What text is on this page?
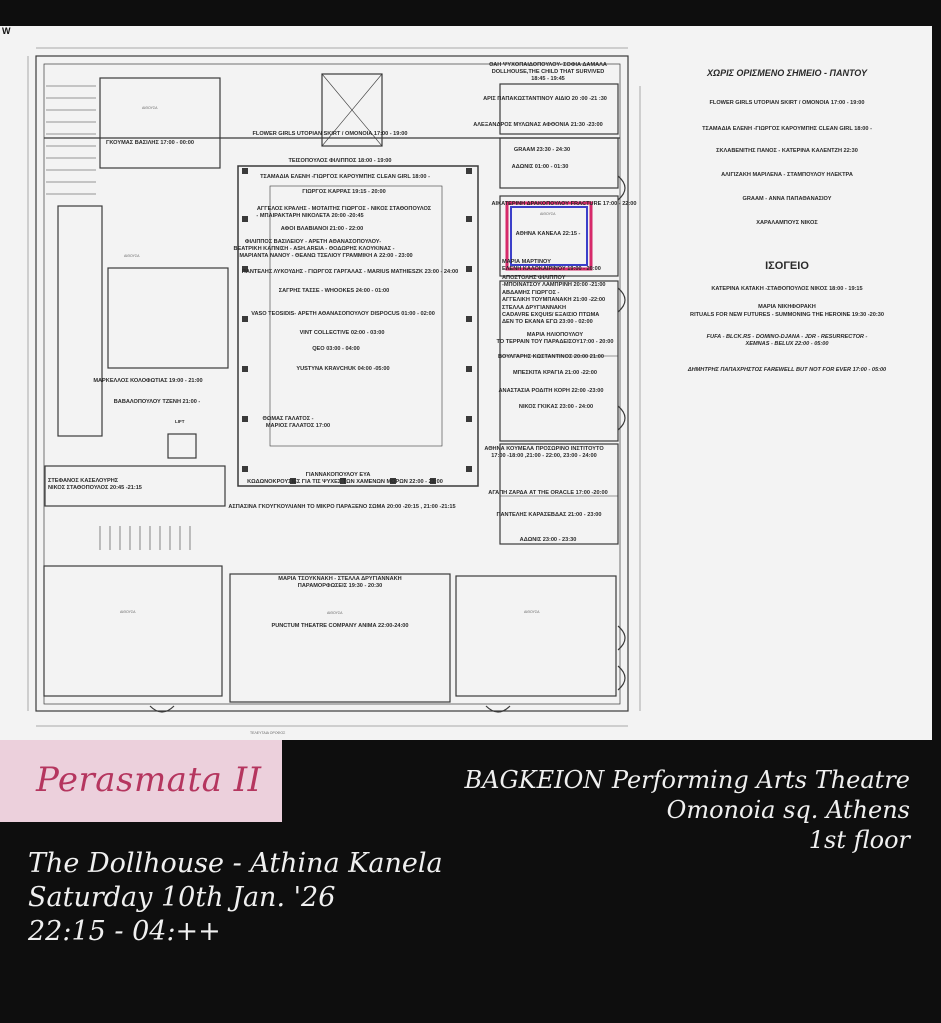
W
ΧΩΡΙΣ ΟΡΙΣΜΕΝΟ ΣΗΜΕΙΟ - ΠΑΝΤΟΥ
FLOWER GIRLS UTOPIAN SKIRT / ΟΜΟΝΟΙΑ 17:00 - 19:00
ΤΣΑΜΑΔΙΑ ΕΛΕΝΗ -ΓΙΩΡΓΟΣ ΚΑΡΟΥΜΠΗΣ CLEAN GIRL 18:00 -
ΣΚΛΑΒΕΝΙΤΗΣ ΠΑΝΟΣ - ΚΑΤΕΡΙΝΑ ΚΑΛΕΝΤΖΗ 22:30
ΑΛΙΓΙΖΑΚΗ ΜΑΡΙΛΕΝΑ - ΣΤΑΜΠΟΥΛΟΥ ΗΛΕΚΤΡΑ
GRAAM - ΑΝΝΑ ΠΑΠΑΘΑΝΑΣΙΟΥ
ΧΑΡΑΛΑΜΠΟΥΣ ΝΙΚΟΣ
ΙΣΟΓΕΙΟ
ΚΑΤΕΡΙΝΑ ΚΑΤΑΚΗ -ΣΤΑΘΟΠΟΥΛΟΣ ΝΙΚΟΣ 18:00 - 19:15
ΜΑΡΙΑ ΝΙΚΗΦΟΡΑΚΗ
RITUALS FOR NEW FUTURES - SUMMONING THE HEROINE 19:30 -20:30
FUFA - BLCK.RS - DOMINO-DJANA - JDR - RESURRECTOR -
XEMNAS - BELUX 22:00 - 05:00
ΔΗΜΗΤΡΗΣ ΠΑΠΑΧΡΗΣΤΟΣ FAREWELL BUT NOT FOR EVER 17:00 - 05:00
ΘΑΗ ΨΥΧΟΠΑΙΔΟΠΟΥΛΟΥ- ΣΟΦΙΑ ΔΑΜΑΛΑ
DOLLHOUSE,THE CHILD THAT SURVIVED
18:45 - 19:45
ΑΡΙΣ ΠΑΠΑΚΩΣΤΑΝΤΙΝΟΥ ΑΙΔΙΟ 20 :00 -21 :30
ΑΛΕΞΑΝΔΡΟΣ ΜΥΛΩΝΑΣ ΑΦΘΟΝΙΑ 21:30 -23:00
GRAAM 23:30 - 24:30
ΑΔΩΝΙΣ 01:00 - 01:30
ΑΙΚΑΤΕΡΙΝΗ ΔΡΑΚΟΠΟΥΛΟΥ FRACTURE 17:00 - 22:00
ΑΙΘΟΥΣΑ
ΑΘΗΝΑ ΚΑΝΕΛΑ 22:15 -
ΜΑΡΙΑ ΜΑΡΤΙΝΟΥ
ΕΛΕΝΗ ΚΑΛΟΚΑΙΡΙΝΟΥ 19:00 - 20:00
ΑΠΟΣΤΟΛΗΣ ΦΙΛΙΠΠΟΥ
-ΜΠΟΙΝΑΤΣΟΥ ΛΑΜΠΡΙΝΗ 20:00 -21:00
ΑΒΔΑΜΗΣ ΓΙΩΡΓΟΣ -
ΑΓΓΕΛΙΚΗ ΤΟΥΜΠΑΝΑΚΗ 21:00 -22:00
ΣΤΕΛΛΑ ΔΡΥΓΙΑΝΝΑΚΗ
CADAVRE EXQUIS/ ΕΞΑΙΣΙΟ ΠΤΩΜΑ
ΔΕΝ ΤΟ ΕΚΑΝΑ ΕΓΩ 23:00 - 02:00
ΜΑΡΙΑ ΗΛΙΟΠΟΥΛΟΥ
ΤΟ ΤΕΡΡΑΙΝ ΤΟΥ ΠΑΡΑΔΕΙΣΟΥ17:00 - 20:00
ΒΟΥΛΓΑΡΗΣ ΚΩΣΤΑΝΤΙΝΟΣ 20:00 21:00
ΜΠΕΣΚΙΤΑ ΚΡΑΓΙΑ 21:00 -22:00
ΑΝΑΣΤΑΣΙΑ ΡΟΔΙΤΗ ΚΟΡΗ 22:00 -23:00
ΝΙΚΟΣ ΓΚΙΚΑΣ 23:00 - 24:00
ΑΘΗΝΑ ΚΟΥΜΕΛΑ ΠΡΟΣΩΡΙΝΟ ΙΝΣΤΙΤΟΥΤΟ
17:00 -18:00 ,21:00 - 22:00, 23:00 - 24:00
ΑΓΑΠΗ ΖΑΡΔΑ AT THE ORACLE 17:00 -20:00
ΠΑΝΤΕΛΗΣ ΚΑΡΑΣΕΒΔΑΣ 21:00 - 23:00
ΑΔΩΝΙΣ 23:00 - 23:30
FLOWER GIRLS UTOPIAN SKIRT / ΟΜΟΝΟΙΑ 17:00 - 19:00
ΤΕΙΣΟΠΟΥΛΟΣ ΦΙΛΙΠΠΟΣ 18:00 - 19:00
ΤΣΑΜΑΔΙΑ ΕΛΕΝΗ -ΓΙΩΡΓΟΣ ΚΑΡΟΥΜΠΗΣ CLEAN GIRL 18:00 -
ΓΙΩΡΓΟΣ ΚΑΡΡΑΣ 19:15 - 20:00
ΑΓΓΕΛΟΣ ΚΡΑΛΗΣ - ΜΟΤΑΙΤΗΣ ΓΙΩΡΓΟΣ - ΝΙΚΟΣ ΣΤΑΘΟΠΟΥΛΟΣ
- ΜΠΑΙΡΑΚΤΑΡΗ ΝΙΚΟΛΕΤΑ 20:00 -20:45
ΑΦΟΙ ΒΛΑΒΙΑΝΟΙ 21:00 - 22:00
ΦΙΛΙΠΠΟΣ ΒΑΣΙΛΕΙΟΥ - ΑΡΕΤΗ ΑΘΑΝΑΣΟΠΟΥΛΟΥ-
ΒΕΑΤΡΙΚΗ ΚΑΠΝΙΣΗ - ASH.AREIA - ΘΟΔΩΡΗΣ ΚΛΟΥΚΙΝΑΣ -
ΜΑΡΙΑΝΤΑ ΝΑΝΟΥ - ΘΕΑΝΩ ΤΣΕΛΙΟΥ ΓΡΑΜΜΙΚΗ Α 22:00 - 23:00
ΠΑΝΤΕΛΗΣ ΛΥΚΟΥΔΗΣ - ΓΙΩΡΓΟΣ ΓΑΡΓΑΛΑΣ - MARIUS MATHIESZK 23:00 - 24:00
ΣΑΓΡΗΣ ΤΑΣΣΕ - WHOOKES 24:00 - 01:00
VASO TEOSIDIS- ΑΡΕΤΗ ΑΘΑΝΑΣΟΠΟΥΛΟΥ DISPOCUS 01:00 - 02:00
VINT COLLECTIVE 02:00 - 03:00
QEO 03:00 - 04:00
YUSTYNA KRAVCHUK 04:00 -05:00
ΘΩΜΑΣ ΓΑΛΑΤΟΣ -
ΜΑΡΙΟΣ ΓΑΛΑΤΟΣ 17:00
ΓΙΑΝΝΑΚΟΠΟΥΛΟΥ ΕΥΑ
ΚΩΔΩΝΟΚΡΟΥΣΙΕΣ ΓΙΑ ΤΙΣ ΨΥΧΕΣ ΤΩΝ ΧΑΜΕΝΩΝ ΜΟΡΩΝ 22:00 - 23:00
ΑΣΠΑΣΙΝΑ ΓΚΟΥΓΚΟΥΛΙΑΝΗ ΤΟ ΜΙΚΡΟ ΠΑΡΑΞΕΝΟ ΣΩΜΑ 20:00 -20:15 , 21:00 -21:15
ΓΚΟΥΜΑΣ ΒΑΣΙΛΗΣ 17:00 - 00:00
ΜΑΡΚΕΛΛΟΣ ΚΟΛΟΦΩΤΙΑΣ 19:00 - 21:00
ΒΑΒΑΛΟΠΟΥΛΟΥ ΤΖΕΝΗ 21:00 -
ΣΤΕΦΑΝΟΣ ΚΑΣΕΛΟΥΡΗΣ
ΝΙΚΟΣ ΣΤΑΘΟΠΟΥΛΟΣ 20:45 -21:15
LIFT
ΑΙΘΟΥΣΑ
ΑΙΘΟΥΣΑ
ΑΙΘΟΥΣΑ	ΑΙΘΟΥΣΑ	ΑΙΘΟΥΣΑ
ΜΑΡΙΑ ΤΣΟΥΚΝΑΚΗ - ΣΤΕΛΛΑ ΔΡΥΓΙΑΝΝΑΚΗ
ΠΑΡΑΜΟΡΦΩΣΕΙΣ 19:30 - 20:30
PUNCTUM THEATRE COMPANY ΑΝΙΜΑ 22:00-24:00
ΤΕΛΕΥΤΑΙΑ ΟΡΟΦΟΣ
Perasmata II	BAGKEION Performing Arts Theatre
Omonoia sq. Athens
1st floor
The Dollhouse - Athina Kanela
Saturday 10th Jan. '26
22:15 - 04:++
